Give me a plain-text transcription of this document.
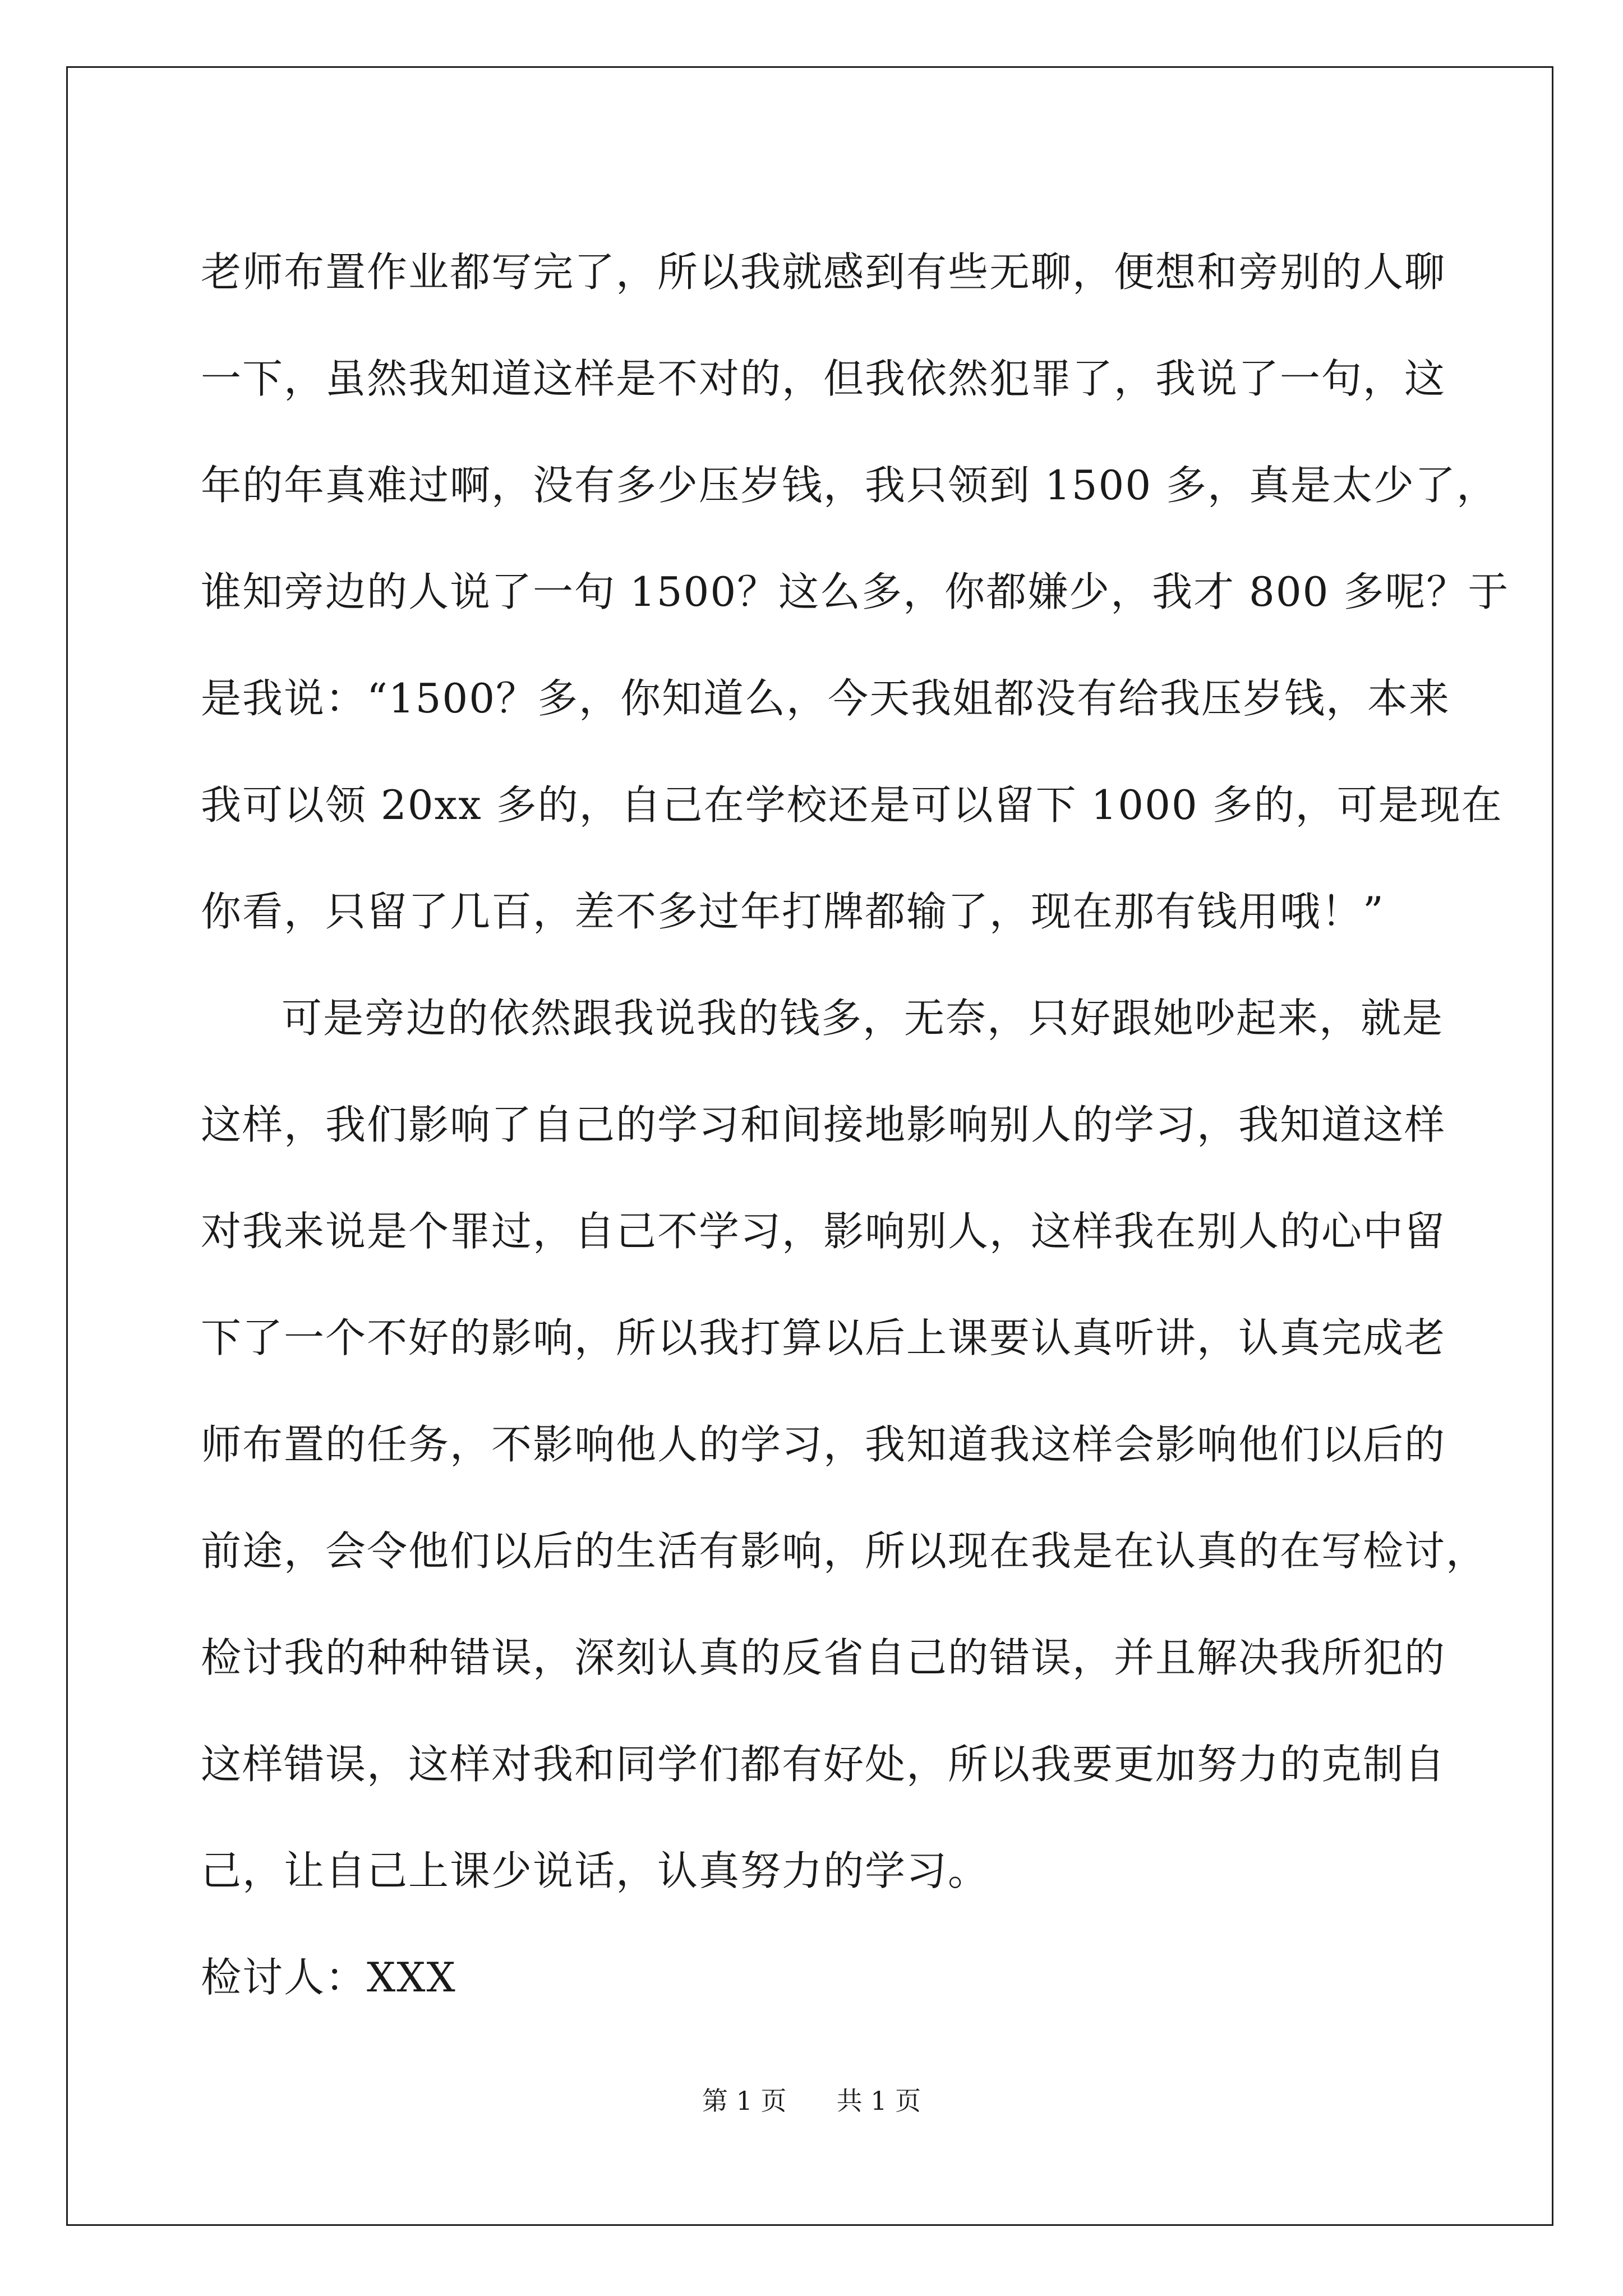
老师布置作业都写完了，所以我就感到有些无聊，便想和旁别的人聊
一下，虽然我知道这样是不对的，但我依然犯罪了，我说了一句，这
年的年真难过啊，没有多少压岁钱，我只领到 1500 多，真是太少了，
谁知旁边的人说了一句 1500？这么多，你都嫌少，我才 800 多呢？于
是我说：“1500？多，你知道么，今天我姐都没有给我压岁钱，本来
我可以领 20xx 多的，自己在学校还是可以留下 1000 多的，可是现在
你看，只留了几百，差不多过年打牌都输了，现在那有钱用哦！”
可是旁边的依然跟我说我的钱多，无奈，只好跟她吵起来，就是
这样，我们影响了自己的学习和间接地影响别人的学习，我知道这样
对我来说是个罪过，自己不学习，影响别人，这样我在别人的心中留
下了一个不好的影响，所以我打算以后上课要认真听讲，认真完成老
师布置的任务，不影响他人的学习，我知道我这样会影响他们以后的
前途，会令他们以后的生活有影响，所以现在我是在认真的在写检讨，
检讨我的种种错误，深刻认真的反省自己的错误，并且解决我所犯的
这样错误，这样对我和同学们都有好处，所以我要更加努力的克制自
己，让自己上课少说话，认真努力的学习。
检讨人：XXX
第 1 页 共 1 页
